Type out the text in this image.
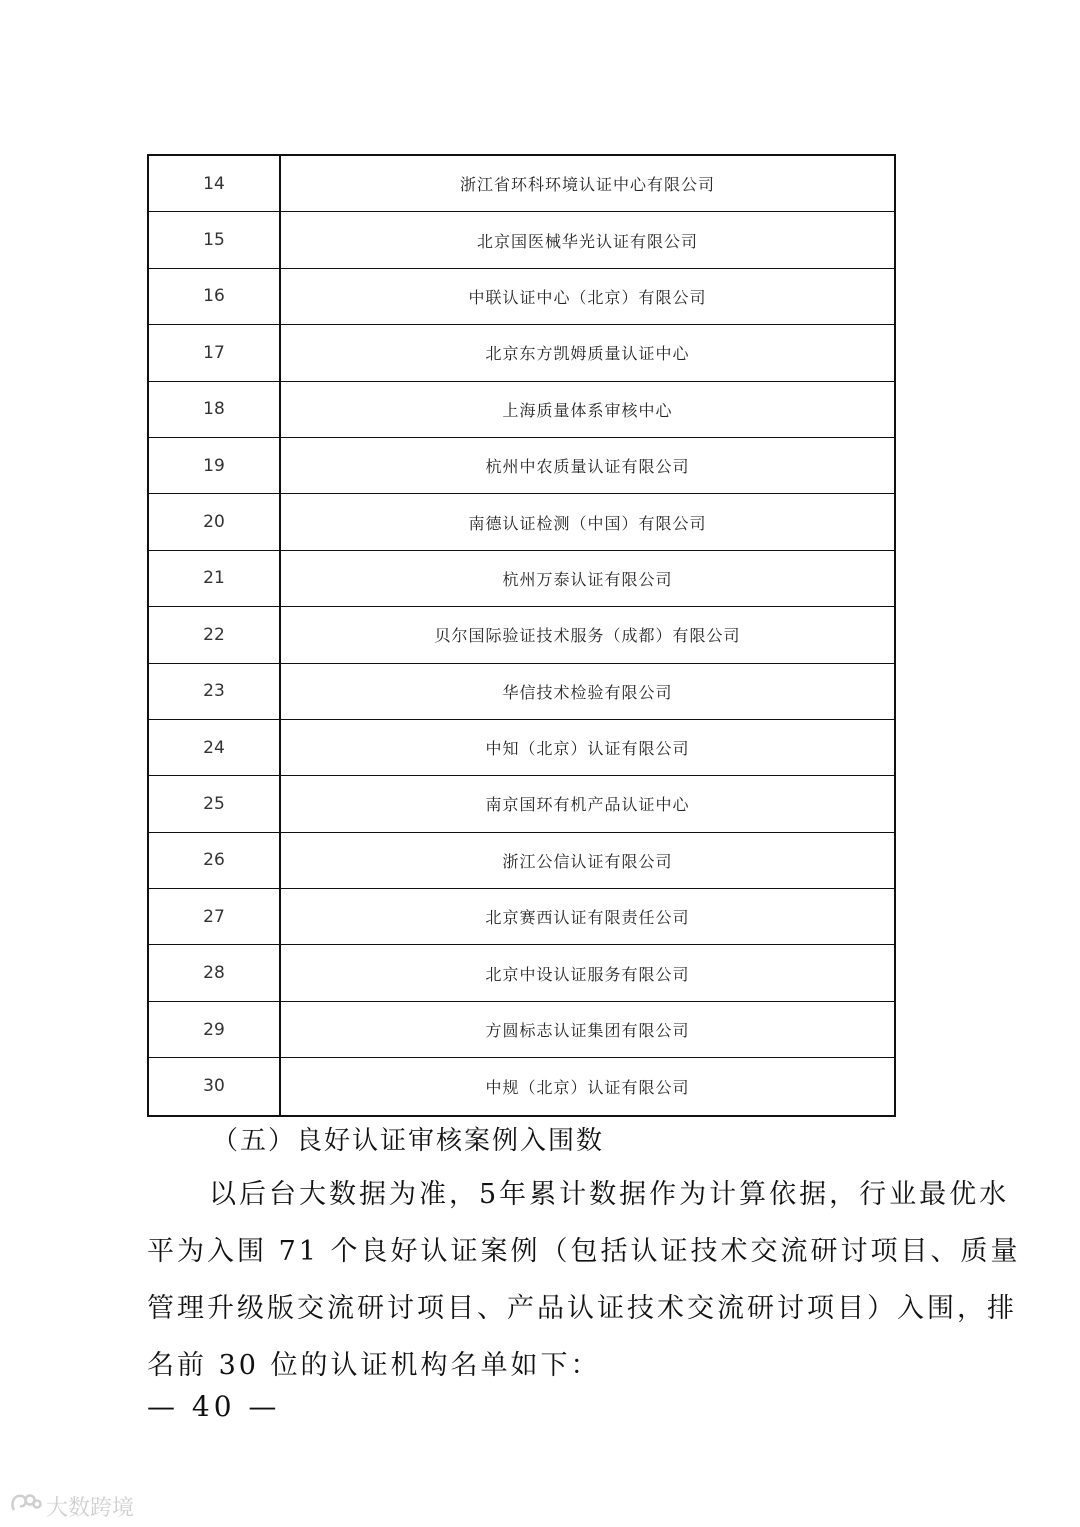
14	浙江省环科环境认证中心有限公司
15	北京国医械华光认证有限公司
16	中联认证中心（北京）有限公司
17	北京东方凯姆质量认证中心
18	上海质量体系审核中心
19	杭州中农质量认证有限公司
20	南德认证检测（中国）有限公司
21	杭州万泰认证有限公司
22	贝尔国际验证技术服务（成都）有限公司
23	华信技术检验有限公司
24	中知（北京）认证有限公司
25	南京国环有机产品认证中心
26	浙江公信认证有限公司
27	北京赛西认证有限责任公司
28	北京中设认证服务有限公司
29	方圆标志认证集团有限公司
30	中规（北京）认证有限公司
（五）良好认证审核案例入围数

以后台大数据为准，5年累计数据作为计算依据，行业最优水

平为入围 71 个良好认证案例（包括认证技术交流研讨项目、质量

管理升级版交流研讨项目、产品认证技术交流研讨项目）入围，排

名前 30 位的认证机构名单如下：

— 40 —
大数跨境
